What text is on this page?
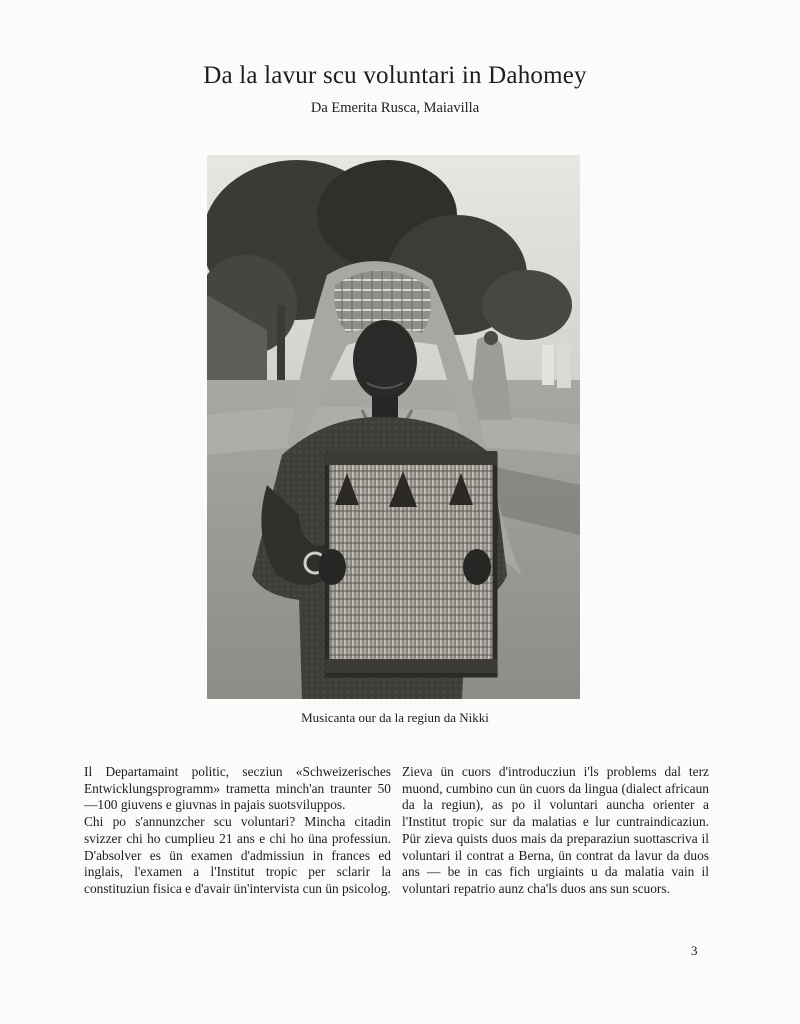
Da la lavur scu voluntari in Dahomey
Da Emerita Rusca, Maiavilla
Musicanta our da la regiun da Nikki

Il Departamaint politic, secziun «Schweizerisches Entwicklungsprogramm» trametta minch'an traunter 50—100 giuvens e giuvnas in pajais suotsviluppos.

Chi po s'annunzcher scu voluntari? Mincha citadin svizzer chi ho cumplieu 21 ans e chi ho üna professiun. D'absolver es ün examen d'admissiun in frances ed inglais, l'examen a l'Institut tropic per sclarir la constituziun fisica e d'avair ün'intervista cun ün psicolog.

Zieva ün cuors d'introducziun i'ls problems dal terz muond, cumbino cun ün cuors da lingua (dialect africaun da la regiun), as po il voluntari auncha orienter a l'Institut tropic sur da malatias e lur cuntraindicaziun. Pür zieva quists duos mais da preparaziun suottascriva il voluntari il contrat a Berna, ün contrat da lavur da duos ans — be in cas fich urgiaints u da malatia vain il voluntari repatrio aunz cha'ls duos ans sun scuors.

3
